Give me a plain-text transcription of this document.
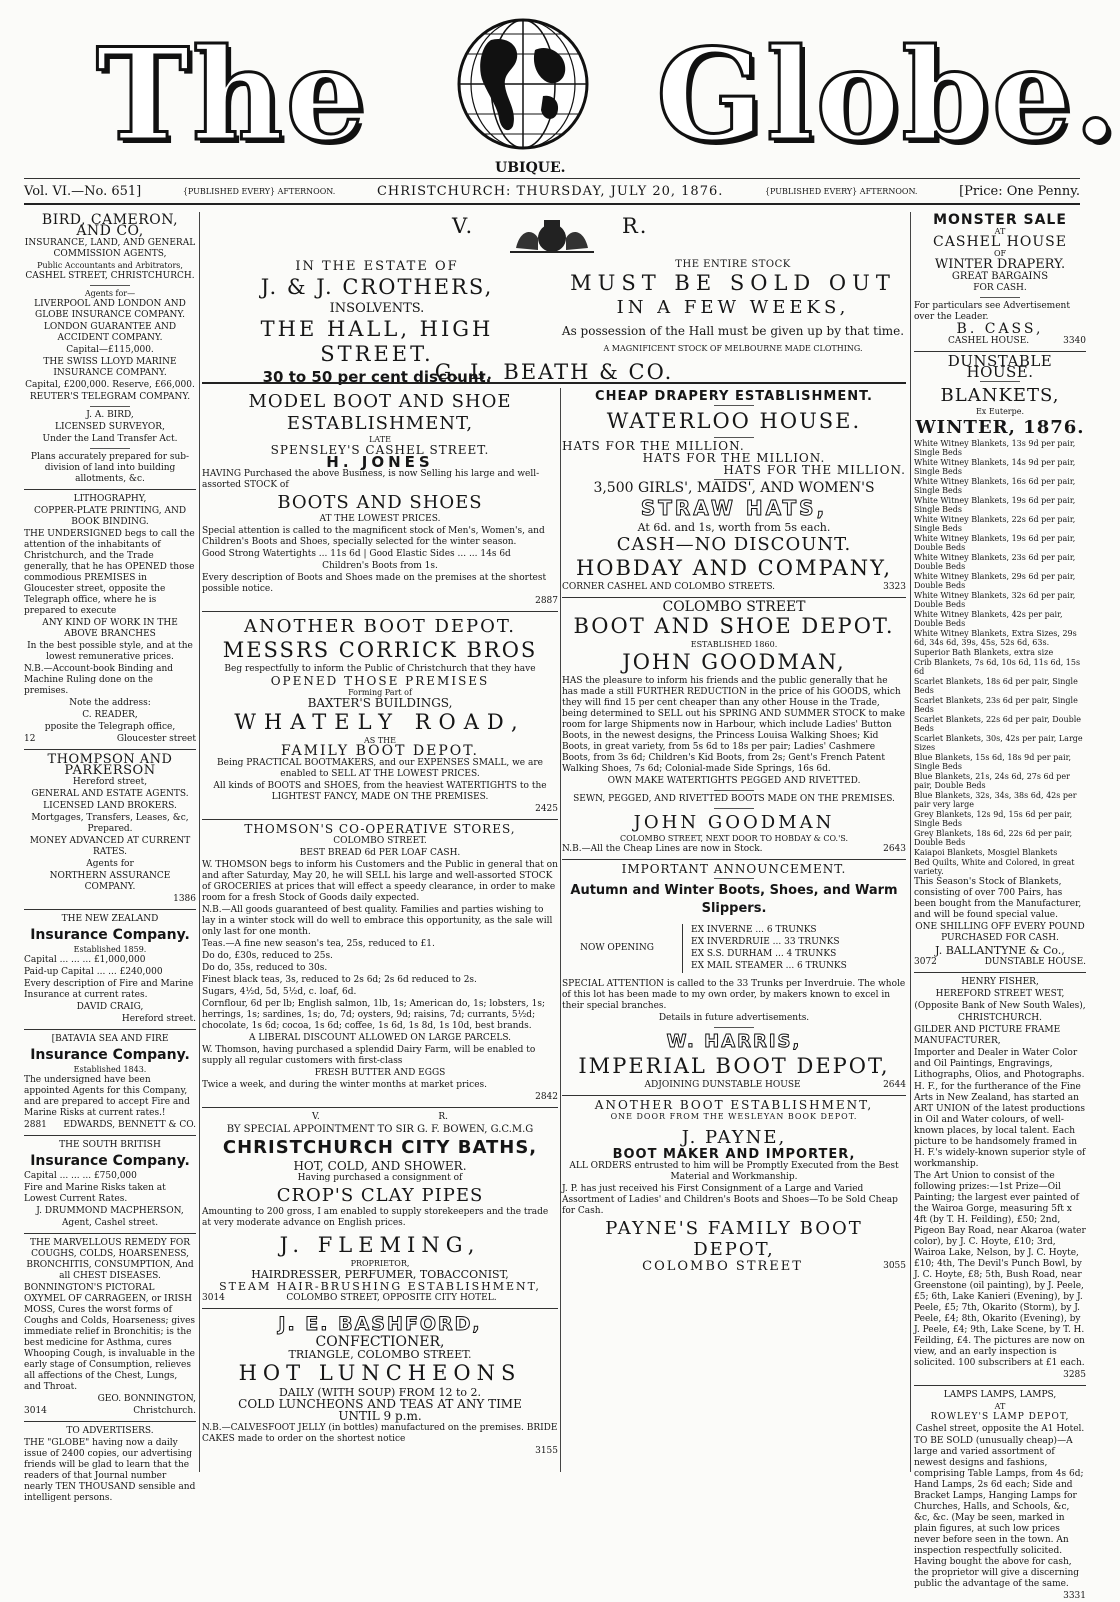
The	UBIQUE. Globe.
Vol. VI.—No. 651]	{PUBLISHED EVERY} AFTERNOON.	CHRISTCHURCH: THURSDAY, JULY 20, 1876.	{PUBLISHED EVERY} AFTERNOON.	[Price: One Penny.

BIRD, CAMERON, AND CO,

INSURANCE, LAND, AND GENERAL COMMISSION AGENTS,

Public Accountants and Arbitrators,

CASHEL STREET, CHRISTCHURCH.

Agents for—

LIVERPOOL AND LONDON AND GLOBE INSURANCE COMPANY.

LONDON GUARANTEE AND ACCIDENT COMPANY.

Capital—£115,000.

THE SWISS LLOYD MARINE INSURANCE COMPANY.

Capital, £200,000. Reserve, £66,000.

REUTER'S TELEGRAM COMPANY.

J. A. BIRD,

LICENSED SURVEYOR,

Under the Land Transfer Act.

Plans accurately prepared for sub-division of land into building allotments, &c.

LITHOGRAPHY,

COPPER-PLATE PRINTING, AND BOOK BINDING.

THE UNDERSIGNED begs to call the attention of the inhabitants of Christchurch, and the Trade generally, that he has OPENED those commodious PREMISES in Gloucester street, opposite the Telegraph office, where he is prepared to execute

ANY KIND OF WORK IN THE ABOVE BRANCHES

In the best possible style, and at the lowest remunerative prices.

N.B.—Account-book Binding and Machine Ruling done on the premises.

Note the address:

C. READER,

pposite the Telegraph office,

12	Gloucester street

THOMPSON AND PARKERSON

Hereford street,

GENERAL AND ESTATE AGENTS.

LICENSED LAND BROKERS.

Mortgages, Transfers, Leases, &c, Prepared.

MONEY ADVANCED AT CURRENT RATES.

Agents for

NORTHERN ASSURANCE COMPANY.

1386

THE NEW ZEALAND

Insurance Company.

Established 1859.

Capital ... ... ... £1,000,000

Paid-up Capital ... ... £240,000

Every description of Fire and Marine Insurance at current rates.

DAVID CRAIG,

Hereford street.

[BATAVIA SEA AND FIRE

Insurance Company.

Established 1843.

The undersigned have been appointed Agents for this Company, and are prepared to accept Fire and Marine Risks at current rates.!

2881 EDWARDS, BENNETT & CO.

THE SOUTH BRITISH

Insurance Company.

Capital ... ... ... £750,000

Fire and Marine Risks taken at Lowest Current Rates.

J. DRUMMOND MACPHERSON,

Agent, Cashel street.

THE MARVELLOUS REMEDY FOR COUGHS, COLDS, HOARSENESS, BRONCHITIS, CONSUMPTION, And all CHEST DISEASES.

BONNINGTON'S PICTORAL OXYMEL OF CARRAGEEN, or IRISH MOSS, Cures the worst forms of Coughs and Colds, Hoarseness; gives immediate relief in Bronchitis; is the best medicine for Asthma, cures Whooping Cough, is invaluable in the early stage of Consumption, relieves all affections of the Chest, Lungs, and Throat.

GEO. BONNINGTON,

3014	Christchurch.

TO ADVERTISERS.

THE "GLOBE" having now a daily issue of 2400 copies, our advertising friends will be glad to learn that the readers of that Journal number nearly TEN THOUSAND sensible and intelligent persons.

V.	R.

IN THE ESTATE OF

J. & J. CROTHERS,

INSOLVENTS.

THE HALL, HIGH STREET.

30 to 50 per cent discount.

THE ENTIRE STOCK

MUST BE SOLD OUT

IN A FEW WEEKS,

As possession of the Hall must be given up by that time.

A MAGNIFICENT STOCK OF MELBOURNE MADE CLOTHING.

G. L. BEATH & CO.

MODEL BOOT AND SHOE

ESTABLISHMENT,

LATE

SPENSLEY'S CASHEL STREET.

H. JONES

HAVING Purchased the above Business, is now Selling his large and well-assorted STOCK of

BOOTS AND SHOES

AT THE LOWEST PRICES.

Special attention is called to the magnificent stock of Men's, Women's, and Children's Boots and Shoes, specially selected for the winter season.

Good Strong Watertights ... 11s 6d | Good Elastic Sides ... ... 14s 6d

Children's Boots from 1s.

Every description of Boots and Shoes made on the premises at the shortest possible notice.

2887

ANOTHER BOOT DEPOT.

MESSRS CORRICK BROS

Beg respectfully to inform the Public of Christchurch that they have

OPENED THOSE PREMISES

Forming Part of

BAXTER'S BUILDINGS,

WHATELY ROAD,

AS THE

FAMILY BOOT DEPOT.

Being PRACTICAL BOOTMAKERS, and our EXPENSES SMALL, we are enabled to SELL AT THE LOWEST PRICES.

All kinds of BOOTS and SHOES, from the heaviest WATERTIGHTS to the LIGHTEST FANCY, MADE ON THE PREMISES.

2425

THOMSON'S CO-OPERATIVE STORES,

COLOMBO STREET.

BEST BREAD 6d PER LOAF CASH.

W. THOMSON begs to inform his Customers and the Public in general that on and after Saturday, May 20, he will SELL his large and well-assorted STOCK of GROCERIES at prices that will effect a speedy clearance, in order to make room for a fresh Stock of Goods daily expected.

N.B.—All goods guaranteed of best quality. Families and parties wishing to lay in a winter stock will do well to embrace this opportunity, as the sale will only last for one month.

Teas.—A fine new season's tea, 25s, reduced to £1.

Do do, £30s, reduced to 25s.

Do do, 35s, reduced to 30s.

Finest black teas, 3s, reduced to 2s 6d; 2s 6d reduced to 2s.

Sugars, 4½d, 5d, 5½d, c. loaf, 6d.

Cornflour, 6d per lb; English salmon, 1lb, 1s; American do, 1s; lobsters, 1s; herrings, 1s; sardines, 1s; do, 7d; oysters, 9d; raisins, 7d; currants, 5½d; chocolate, 1s 6d; cocoa, 1s 6d; coffee, 1s 6d, 1s 8d, 1s 10d, best brands.

A LIBERAL DISCOUNT ALLOWED ON LARGE PARCELS.

W. Thomson, having purchased a splendid Dairy Farm, will be enabled to supply all regular customers with first-class

FRESH BUTTER AND EGGS

Twice a week, and during the winter months at market prices.

2842

V.	R.

BY SPECIAL APPOINTMENT TO SIR G. F. BOWEN, G.C.M.G

CHRISTCHURCH CITY BATHS,

HOT, COLD, AND SHOWER.

Having purchased a consignment of

CROP'S CLAY PIPES

Amounting to 200 gross, I am enabled to supply storekeepers and the trade at very moderate advance on English prices.

J. FLEMING,

PROPRIETOR,

HAIRDRESSER, PERFUMER, TOBACCONIST,

STEAM HAIR-BRUSHING ESTABLISHMENT,

3014	COLOMBO STREET, OPPOSITE CITY HOTEL.

J. E. BASHFORD,

CONFECTIONER,

TRIANGLE, COLOMBO STREET.

HOT LUNCHEONS

DAILY (WITH SOUP) FROM 12 to 2.

COLD LUNCHEONS AND TEAS AT ANY TIME

UNTIL 9 p.m.

N.B.—CALVESFOOT JELLY (in bottles) manufactured on the premises. BRIDE CAKES made to order on the shortest notice

3155

CHEAP DRAPERY ESTABLISHMENT.

WATERLOO HOUSE.

HATS FOR THE MILLION.

HATS FOR THE MILLION.

HATS FOR THE MILLION.

3,500 GIRLS', MAIDS', AND WOMEN'S

STRAW HATS,

At 6d. and 1s, worth from 5s each.

CASH—NO DISCOUNT.

HOBDAY AND COMPANY,

CORNER CASHEL AND COLOMBO STREETS.	3323

COLOMBO STREET

BOOT AND SHOE DEPOT.

ESTABLISHED 1860.

JOHN GOODMAN,

HAS the pleasure to inform his friends and the public generally that he has made a still FURTHER REDUCTION in the price of his GOODS, which they will find 15 per cent cheaper than any other House in the Trade, being determined to SELL out his SPRING AND SUMMER STOCK to make room for large Shipments now in Harbour, which include Ladies' Button Boots, in the newest designs, the Princess Louisa Walking Shoes; Kid Boots, in great variety, from 5s 6d to 18s per pair; Ladies' Cashmere Boots, from 3s 6d; Children's Kid Boots, from 2s; Gent's French Patent Walking Shoes, 7s 6d; Colonial-made Side Springs, 16s 6d.

OWN MAKE WATERTIGHTS PEGGED AND RIVETTED.

SEWN, PEGGED, AND RIVETTED BOOTS MADE ON THE PREMISES.

JOHN GOODMAN

COLOMBO STREET, NEXT DOOR TO HOBDAY & CO.'S.

N.B.—All the Cheap Lines are now in Stock.	2643

IMPORTANT ANNOUNCEMENT.

Autumn and Winter Boots, Shoes, and Warm Slippers.

NOW OPENING

EX INVERNE ... 6 TRUNKS

EX INVERDRUIE ... 33 TRUNKS

EX S.S. DURHAM ... 4 TRUNKS

EX MAIL STEAMER ... 6 TRUNKS

SPECIAL ATTENTION is called to the 33 Trunks per Inverdruie. The whole of this lot has been made to my own order, by makers known to excel in their special branches.

Details in future advertisements.

W. HARRIS,

IMPERIAL BOOT DEPOT,

ADJOINING DUNSTABLE HOUSE	2644

ANOTHER BOOT ESTABLISHMENT,

ONE DOOR FROM THE WESLEYAN BOOK DEPOT.

J. PAYNE,

BOOT MAKER AND IMPORTER,

ALL ORDERS entrusted to him will be Promptly Executed from the Best Material and Workmanship.

J. P. has just received his First Consignment of a Large and Varied Assortment of Ladies' and Children's Boots and Shoes—To be Sold Cheap for Cash.

PAYNE'S FAMILY BOOT DEPOT,

COLOMBO STREET	3055

MONSTER SALE

AT

CASHEL HOUSE

OF

WINTER DRAPERY.

GREAT BARGAINS

FOR CASH.

For particulars see Advertisement over the Leader.

B. CASS,

CASHEL HOUSE.	3340

DUNSTABLE HOUSE.

BLANKETS,

Ex Euterpe.

WINTER, 1876.

White Witney Blankets, 13s 9d per pair, Single Beds

White Witney Blankets, 14s 9d per pair, Single Beds

White Witney Blankets, 16s 6d per pair, Single Beds

White Witney Blankets, 19s 6d per pair, Single Beds

White Witney Blankets, 22s 6d per pair, Single Beds

White Witney Blankets, 19s 6d per pair, Double Beds

White Witney Blankets, 23s 6d per pair, Double Beds

White Witney Blankets, 29s 6d per pair, Double Beds

White Witney Blankets, 32s 6d per pair, Double Beds

White Witney Blankets, 42s per pair, Double Beds

White Witney Blankets, Extra Sizes, 29s 6d, 34s 6d, 39s, 45s, 52s 6d, 63s.

Superior Bath Blankets, extra size

Crib Blankets, 7s 6d, 10s 6d, 11s 6d, 15s 6d

Scarlet Blankets, 18s 6d per pair, Single Beds

Scarlet Blankets, 23s 6d per pair, Single Beds

Scarlet Blankets, 22s 6d per pair, Double Beds

Scarlet Blankets, 30s, 42s per pair, Large Sizes

Blue Blankets, 15s 6d, 18s 9d per pair, Single Beds

Blue Blankets, 21s, 24s 6d, 27s 6d per pair, Double Beds

Blue Blankets, 32s, 34s, 38s 6d, 42s per pair very large

Grey Blankets, 12s 9d, 15s 6d per pair, Single Beds

Grey Blankets, 18s 6d, 22s 6d per pair, Double Beds

Kaiapoi Blankets, Mosgiel Blankets

Bed Quilts, White and Colored, in great variety.

This Season's Stock of Blankets, consisting of over 700 Pairs, has been bought from the Manufacturer, and will be found special value.

ONE SHILLING OFF EVERY POUND PURCHASED FOR CASH.

J. BALLANTYNE & Co.,

3072	DUNSTABLE HOUSE.

HENRY FISHER,

HEREFORD STREET WEST,

(Opposite Bank of New South Wales),

CHRISTCHURCH.

GILDER AND PICTURE FRAME MANUFACTURER,

Importer and Dealer in Water Color and Oil Paintings, Engravings, Lithographs, Olios, and Photographs.

H. F., for the furtherance of the Fine Arts in New Zealand, has started an ART UNION of the latest productions in Oil and Water colours, of well-known places, by local talent. Each picture to be handsomely framed in H. F.'s widely-known superior style of workmanship.

The Art Union to consist of the following prizes:—1st Prize—Oil Painting; the largest ever painted of the Wairoa Gorge, measuring 5ft x 4ft (by T. H. Feilding), £50; 2nd, Pigeon Bay Road, near Akaroa (water color), by J. C. Hoyte, £10; 3rd, Wairoa Lake, Nelson, by J. C. Hoyte, £10; 4th, The Devil's Punch Bowl, by J. C. Hoyte, £8; 5th, Bush Road, near Greenstone (oil painting), by J. Peele, £5; 6th, Lake Kanieri (Evening), by J. Peele, £5; 7th, Okarito (Storm), by J. Peele, £4; 8th, Okarito (Evening), by J. Peele, £4; 9th, Lake Scene, by T. H. Feilding, £4. The pictures are now on view, and an early inspection is solicited. 100 subscribers at £1 each.

3285

LAMPS LAMPS, LAMPS,

AT

ROWLEY'S LAMP DEPOT,

Cashel street, opposite the A1 Hotel.

TO BE SOLD (unusually cheap)—A large and varied assortment of newest designs and fashions, comprising Table Lamps, from 4s 6d; Hand Lamps, 2s 6d each; Side and Bracket Lamps, Hanging Lamps for Churches, Halls, and Schools, &c, &c, &c. (May be seen, marked in plain figures, at such low prices never before seen in the town. An inspection respectfully solicited. Having bought the above for cash, the proprietor will give a discerning public the advantage of the same.

3331
